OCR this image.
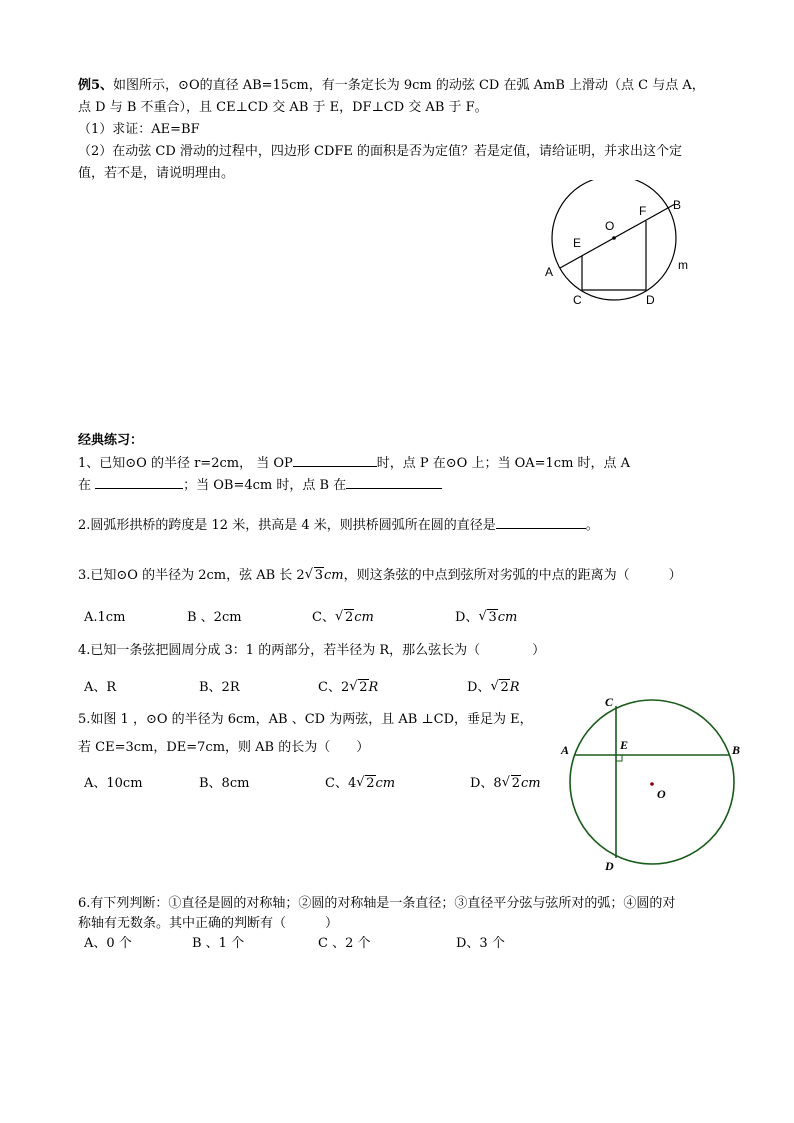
例5、如图所示，⊙O的直径 AB=15cm，有一条定长为 9cm 的动弦 CD 在弧 AmB 上滑动（点 C 与点 A，
点 D 与 B 不重合），且 CE⊥CD 交 AB 于 E，DF⊥CD 交 AB 于 F。
（1）求证：AE=BF
（2）在动弦 CD 滑动的过程中，四边形 CDFE 的面积是否为定值？若是定值，请给证明，并求出这个定
值，若不是，请说明理由。
A
B
C	D
E
F
O
m
经典练习：
1、已知⊙O 的半径 r=2cm， 当 OP	时，点 P 在⊙O 上；当 OA=1cm 时，点 A
在	；当 OB=4cm 时，点 B 在
2.圆弧形拱桥的跨度是 12 米，拱高是 4 米，则拱桥圆弧所在圆的直径是	。
3.已知⊙O 的半径为 2cm，弦 AB 长 2 √ 3cm，则这条弦的中点到弦所对劣弧的中点的距离为（　　　）
A.1cm	B 、2cm	C、 √ 2cm	D、 √ 3cm
4.已知一条弦把圆周分成 3：1 的两部分，若半径为 R，那么弦长为（　　　　）
A、R	B、2R	C、2 √ 2R	D、 √ 2R
5.如图 1 ，⊙O 的半径为 6cm，AB 、CD 为两弦，且 AB ⊥CD，垂足为 E，
若 CE=3cm，DE=7cm，则 AB 的长为（　　）
A、10cm	B、8cm	C、4 √ 2cm	D、8 √ 2cm
A	B
C
D
E
O
6.有下列判断：①直径是圆的对称轴；②圆的对称轴是一条直径；③直径平分弦与弦所对的弧；④圆的对
称轴有无数条。其中正确的判断有（　　　）
A、0 个	B 、1 个	C 、2 个	D、3 个
